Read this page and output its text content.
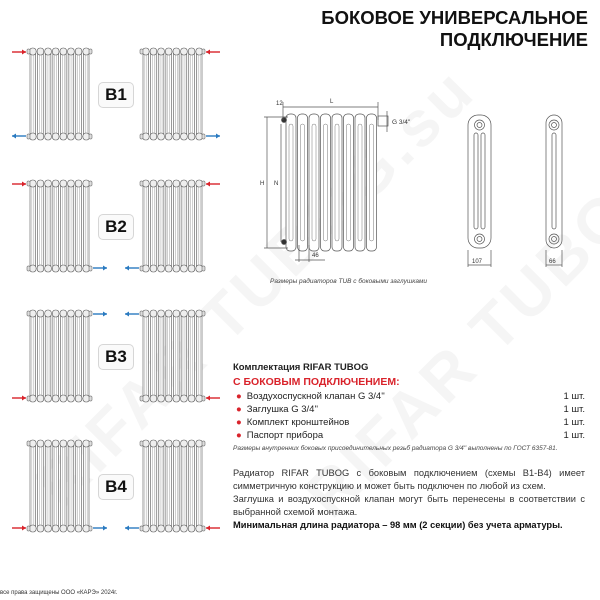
БОКОВОЕ УНИВЕРСАЛЬНОЕ
ПОДКЛЮЧЕНИЕ
B1
B2
B3
B4
L
12
H N
46
G 3/4''
107	66
Размеры радиаторов TUB с боковыми заглушками
Комплектация RIFAR TUBOG
С БОКОВЫМ ПОДКЛЮЧЕНИЕМ:
● Воздухоспускной клапан G 3/4''	1 шт.
● Заглушка G 3/4''	1 шт.
● Комплект кронштейнов	1 шт.
● Паспорт прибора	1 шт.
Размеры внутренних боковых присоединительных резьб радиатора G 3/4'' выполнены по ГОСТ 6357-81.
Радиатор RIFAR TUBOG с боковым подключением (схемы B1-B4) имеет симметричную конструкцию и может быть подключен по любой из схем.
Заглушка и воздухоспускной клапан могут быть перенесены в соответствии с выбранной схемой монтажа.
Минимальная длина радиатора – 98 мм (2 секции) без учета арматуры.
все права защищены ООО «КАРЭ» 2024г.
